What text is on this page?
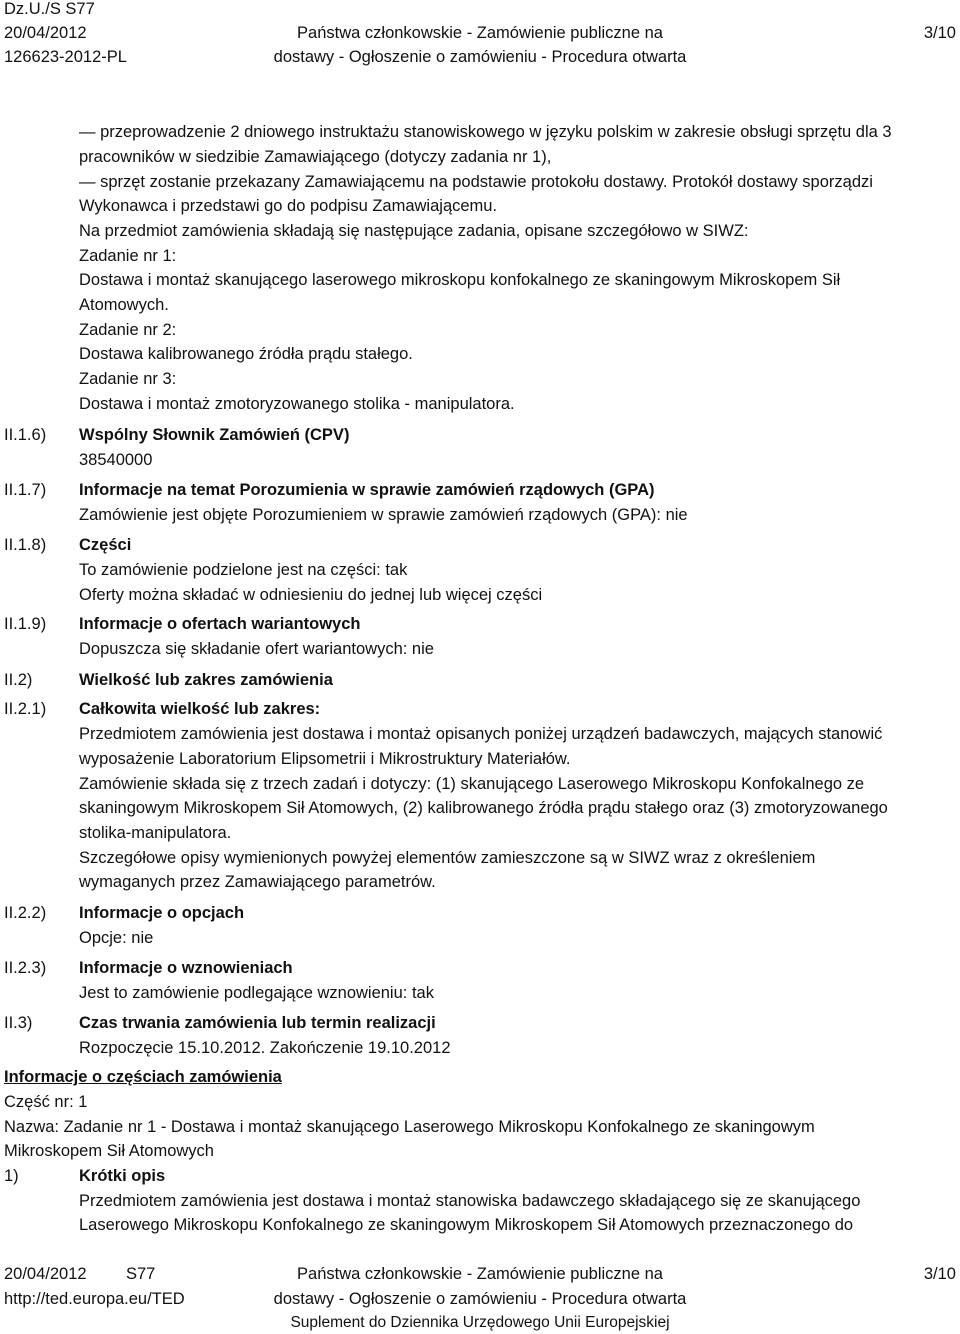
Dz.U./S S77
20/04/2012
126623-2012-PL
Państwa członkowskie - Zamówienie publiczne na
dostawy - Ogłoszenie o zamówieniu - Procedura otwarta
3/10
— przeprowadzenie 2 dniowego instruktażu stanowiskowego w języku polskim w zakresie obsługi sprzętu dla 3
pracowników w siedzibie Zamawiającego (dotyczy zadania nr 1),
— sprzęt zostanie przekazany Zamawiającemu na podstawie protokołu dostawy. Protokół dostawy sporządzi
Wykonawca i przedstawi go do podpisu Zamawiającemu.
Na przedmiot zamówienia składają się następujące zadania, opisane szczegółowo w SIWZ:
Zadanie nr 1:
Dostawa i montaż skanującego laserowego mikroskopu konfokalnego ze skaningowym Mikroskopem Sił
Atomowych.
Zadanie nr 2:
Dostawa kalibrowanego źródła prądu stałego.
Zadanie nr 3:
Dostawa i montaż zmotoryzowanego stolika - manipulatora.
II.1.6) Wspólny Słownik Zamówień (CPV)
38540000
II.1.7) Informacje na temat Porozumienia w sprawie zamówień rządowych (GPA)
Zamówienie jest objęte Porozumieniem w sprawie zamówień rządowych (GPA): nie
II.1.8) Części
To zamówienie podzielone jest na części: tak
Oferty można składać w odniesieniu do jednej lub więcej części
II.1.9) Informacje o ofertach wariantowych
Dopuszcza się składanie ofert wariantowych: nie
II.2)	Wielkość lub zakres zamówienia
II.2.1) Całkowita wielkość lub zakres:
Przedmiotem zamówienia jest dostawa i montaż opisanych poniżej urządzeń badawczych, mających stanowić
wyposażenie Laboratorium Elipsometrii i Mikrostruktury Materiałów.
Zamówienie składa się z trzech zadań i dotyczy: (1) skanującego Laserowego Mikroskopu Konfokalnego ze
skaningowym Mikroskopem Sił Atomowych, (2) kalibrowanego źródła prądu stałego oraz (3) zmotoryzowanego
stolika-manipulatora.
Szczegółowe opisy wymienionych powyżej elementów zamieszczone są w SIWZ wraz z określeniem
wymaganych przez Zamawiającego parametrów.
II.2.2) Informacje o opcjach
Opcje: nie
II.2.3) Informacje o wznowieniach
Jest to zamówienie podlegające wznowieniu: tak
II.3)	Czas trwania zamówienia lub termin realizacji
Rozpoczęcie 15.10.2012. Zakończenie 19.10.2012
Informacje o częściach zamówienia
Część nr: 1
Nazwa: Zadanie nr 1 - Dostawa i montaż skanującego Laserowego Mikroskopu Konfokalnego ze skaningowym
Mikroskopem Sił Atomowych
1)	Krótki opis
Przedmiotem zamówienia jest dostawa i montaż stanowiska badawczego składającego się ze skanującego
Laserowego Mikroskopu Konfokalnego ze skaningowym Mikroskopem Sił Atomowych przeznaczonego do
20/04/2012 S77
http://ted.europa.eu/TED
Państwa członkowskie - Zamówienie publiczne na
dostawy - Ogłoszenie o zamówieniu - Procedura otwarta
Suplement do Dziennika Urzędowego Unii Europejskiej
3/10
